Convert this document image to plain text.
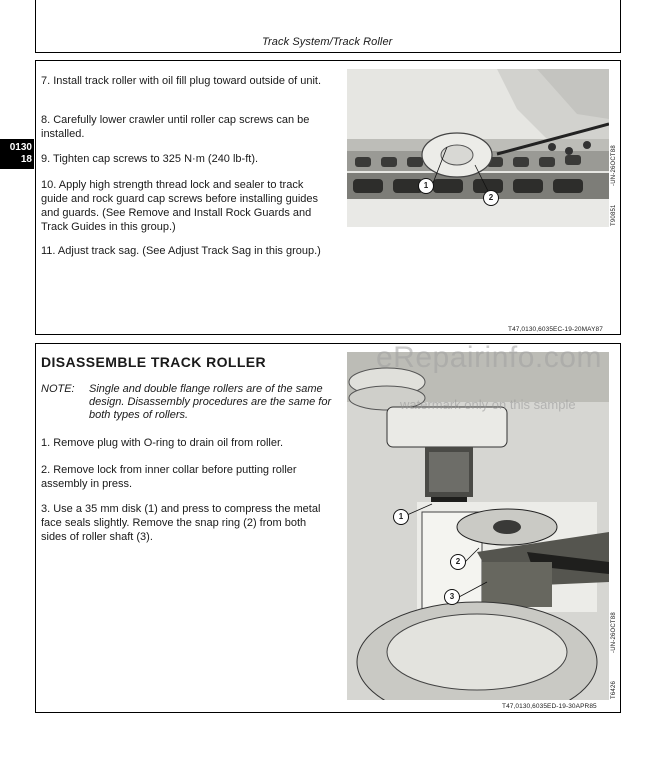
Track System/Track Roller
0130
18
7. Install track roller with oil fill plug toward outside of unit.
8. Carefully lower crawler until roller cap screws can be installed.
9. Tighten cap screws to 325 N·m (240 lb-ft).
10. Apply high strength thread lock and sealer to track guide and rock guard cap screws before installing guides and guards. (See Remove and Install Rock Guards and Track Guides in this group.)
11. Adjust track sag. (See Adjust Track Sag in this group.)
1
2
-UN-26OCT88
T90851
T47,0130,6035EC-19-20MAY87
DISASSEMBLE TRACK ROLLER
NOTE: Single and double flange rollers are of the same design. Disassembly procedures are the same for both types of rollers.
1. Remove plug with O-ring to drain oil from roller.
2. Remove lock from inner collar before putting roller assembly in press.
3. Use a 35 mm disk (1) and press to compress the metal face seals slightly. Remove the snap ring (2) from both sides of roller shaft (3).
1
2
3
-UN-26OCT88
T6426
eRepairinfo.com
watermark only on this sample
T47,0130,6035ED-19-30APR85
